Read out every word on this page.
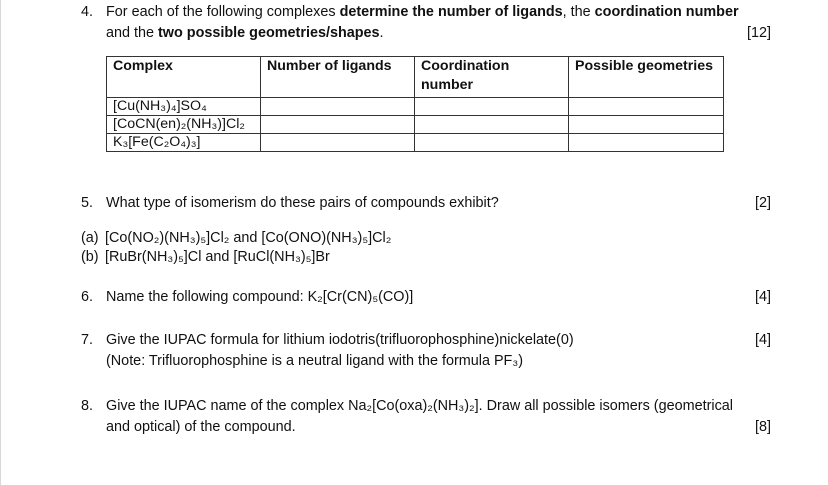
4. For each of the following complexes determine the number of ligands, the coordination number
and the two possible geometries/shapes.	[12]
Complex	Number of ligands	Coordination number	Possible geometries
[Cu(NH₃)₄]SO₄			
[CoCN(en)₂(NH₃)]Cl₂			
K₃[Fe(C₂O₄)₃]			
5. What type of isomerism do these pairs of compounds exhibit?	[2]
(a) [Co(NO₂)(NH₃)₅]Cl₂ and [Co(ONO)(NH₃)₅]Cl₂
(b) [RuBr(NH₃)₅]Cl and [RuCl(NH₃)₅]Br
6. Name the following compound: K₂[Cr(CN)₅(CO)]	[4]
7. Give the IUPAC formula for lithium iodotris(trifluorophosphine)nickelate(0)
(Note: Trifluorophosphine is a neutral ligand with the formula PF₃)
[4]
8. Give the IUPAC name of the complex Na₂[Co(oxa)₂(NH₃)₂]. Draw all possible isomers (geometrical
and optical) of the compound.	[8]
